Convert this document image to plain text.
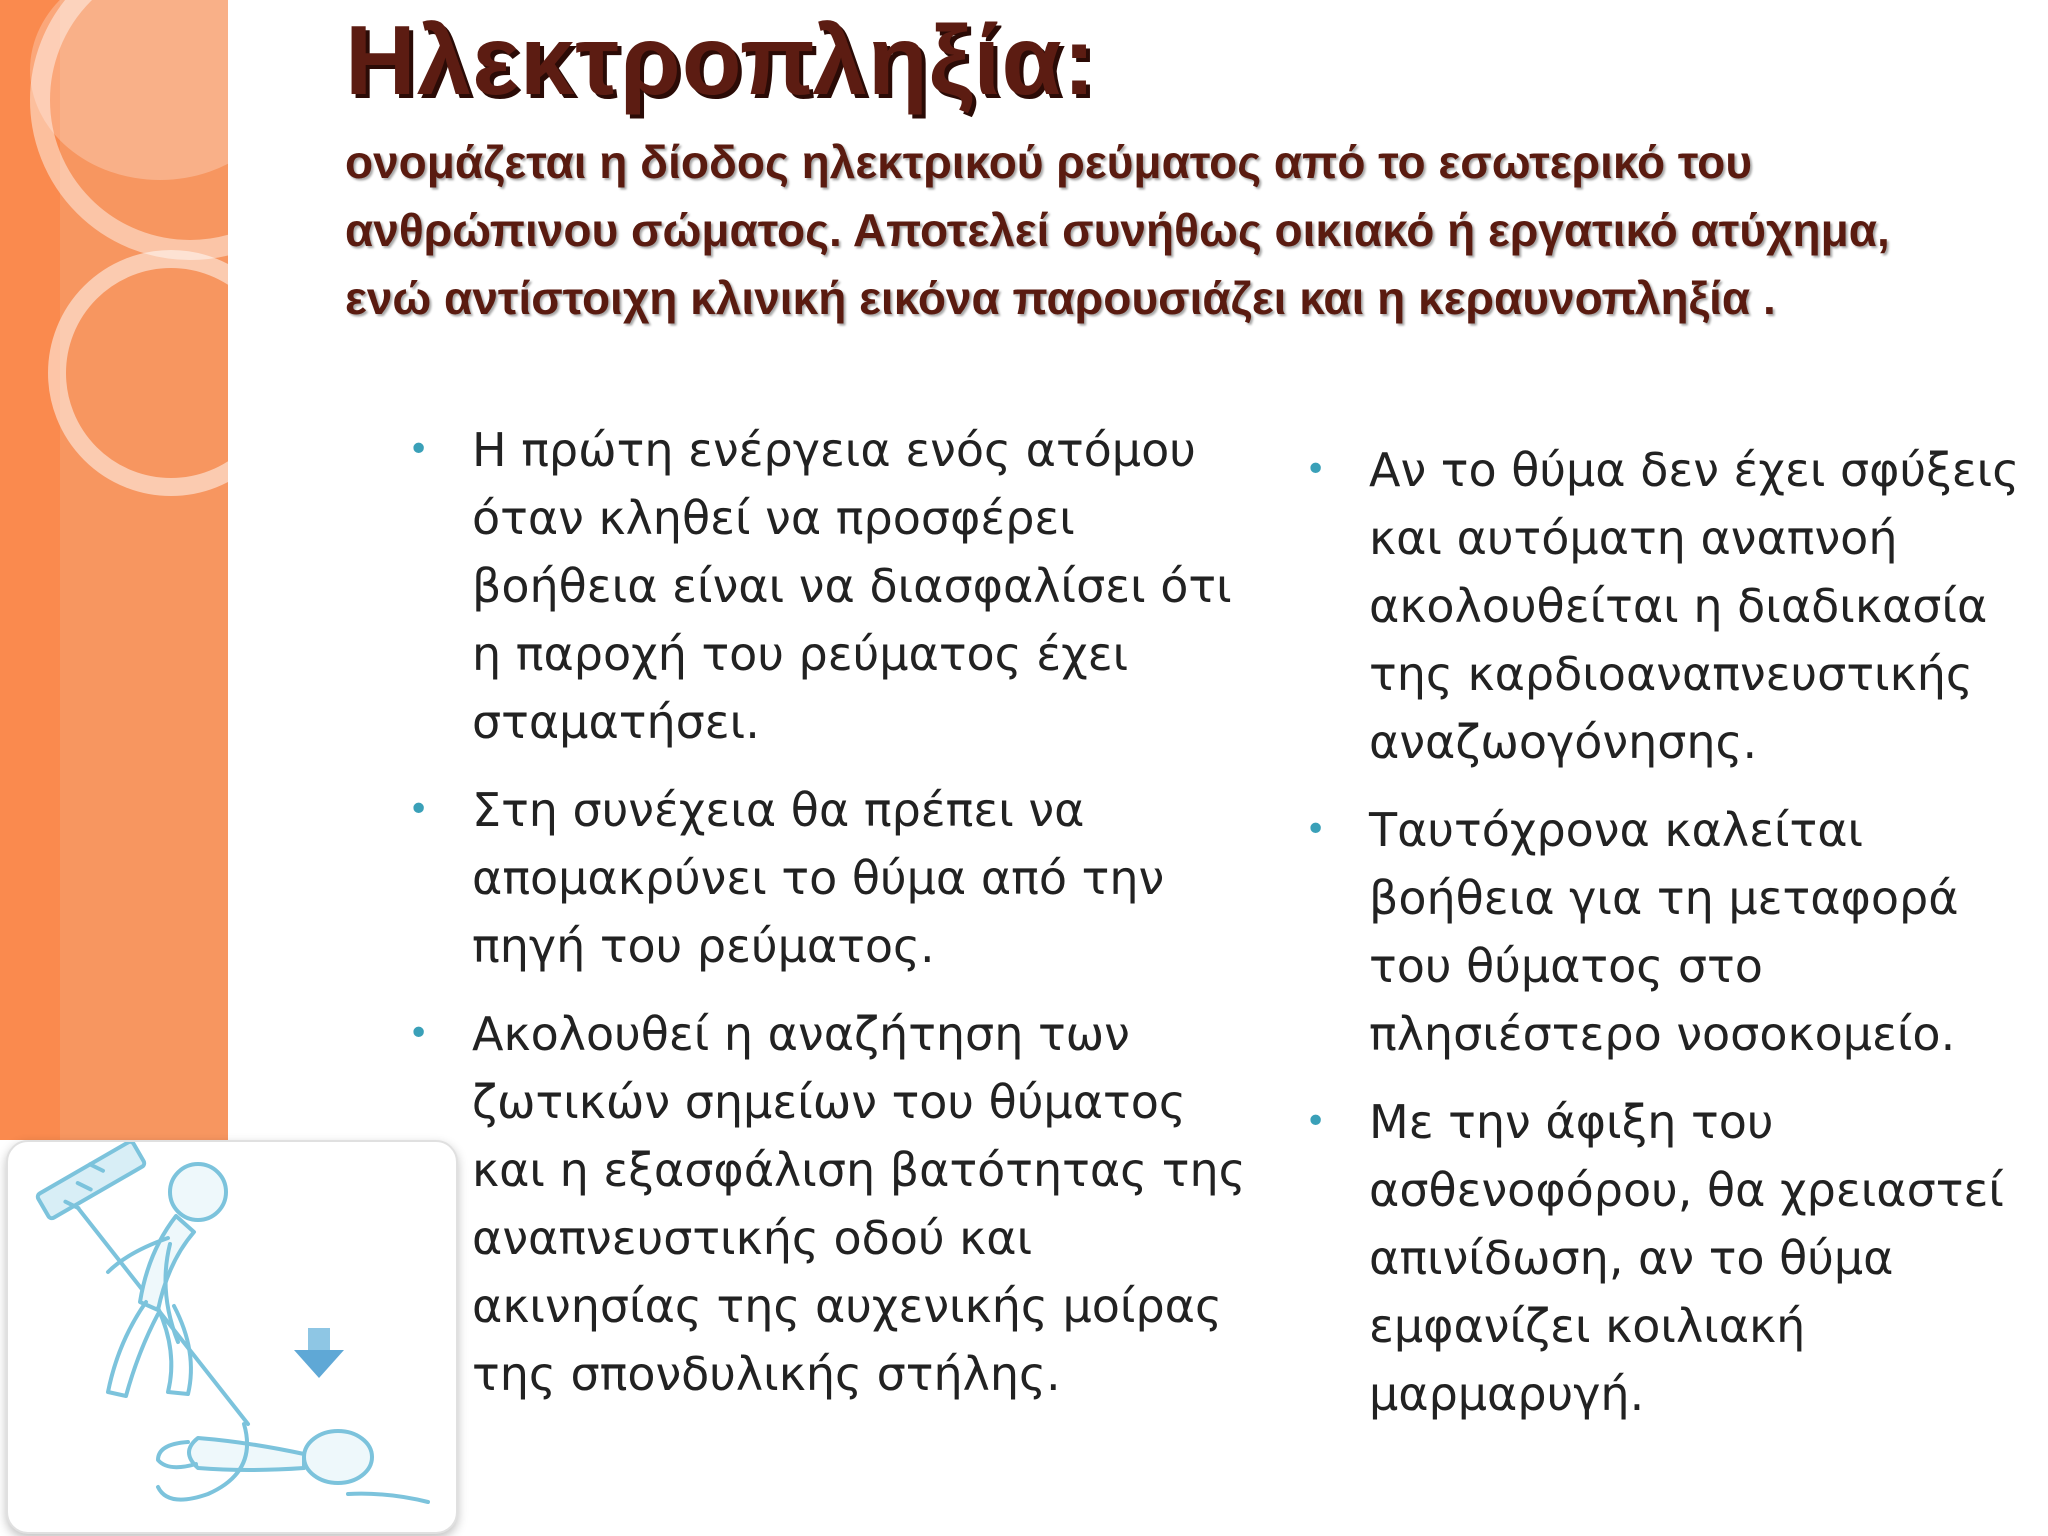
Ηλεκτροπληξία:

ονομάζεται η δίοδος ηλεκτρικού ρεύματος από το εσωτερικό του ανθρώπινου σώματος. Αποτελεί συνήθως οικιακό ή εργατικό ατύχημα, ενώ αντίστοιχη κλινική εικόνα παρουσιάζει και η κεραυνοπληξία .

• Η πρώτη ενέργεια ενός ατόμου όταν κληθεί να προσφέρει βοήθεια είναι να διασφαλίσει ότι η παροχή του ρεύματος έχει σταματήσει.
• Στη συνέχεια θα πρέπει να απομακρύνει το θύμα από την πηγή του ρεύματος.
• Ακολουθεί η αναζήτηση των ζωτικών σημείων του θύματος και η εξασφάλιση βατότητας της αναπνευστικής οδού και ακινησίας της αυχενικής μοίρας της σπονδυλικής στήλης.
• Αν το θύμα δεν έχει σφύξεις και αυτόματη αναπνοή ακολουθείται η διαδικασία της καρδιοαναπνευστικής αναζωογόνησης.
• Ταυτόχρονα καλείται βοήθεια για τη μεταφορά του θύματος στο πλησιέστερο νοσοκομείο.
• Με την άφιξη του ασθενοφόρου, θα χρειαστεί απινίδωση, αν το θύμα εμφανίζει κοιλιακή μαρμαρυγή.
